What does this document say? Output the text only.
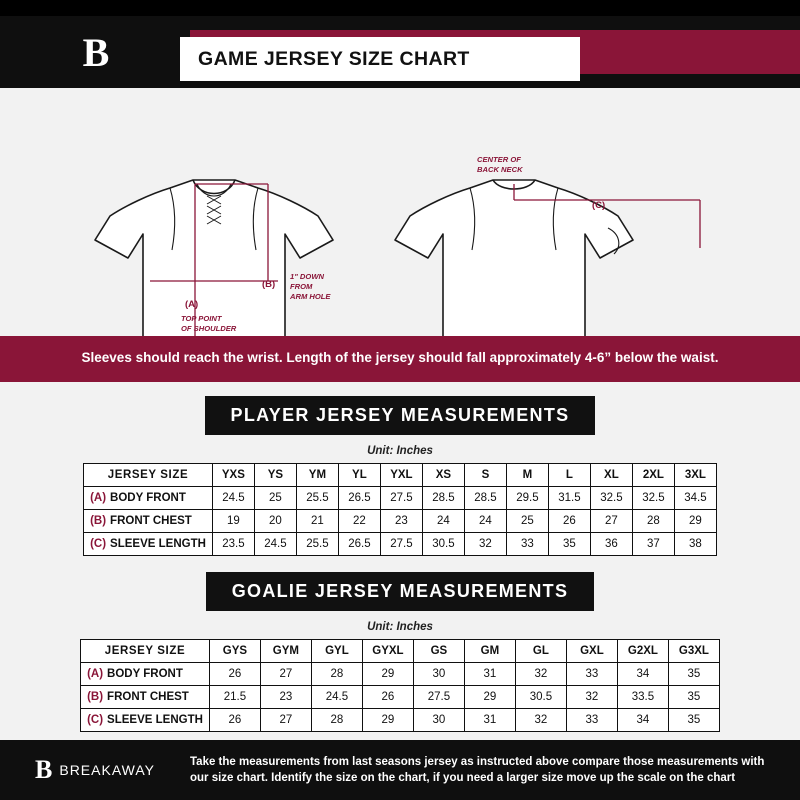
B	GAME JERSEY SIZE CHART
(A)
(B)
TOP POINT
OF SHOULDER
1" DOWN
FROM
ARM HOLE
(C)
CENTER OF
BACK NECK

Sleeves should reach the wrist. Length of the jersey should fall approximately 4-6” below the waist.

PLAYER JERSEY MEASUREMENTS
Unit: Inches
JERSEY SIZE	YXS	YS	YM	YL	YXL	XS	S	M	L	XL	2XL	3XL
(A) BODY FRONT	24.5	25	25.5	26.5	27.5	28.5	28.5	29.5	31.5	32.5	32.5	34.5
(B) FRONT CHEST	19	20	21	22	23	24	24	25	26	27	28	29
(C) SLEEVE LENGTH	23.5	24.5	25.5	26.5	27.5	30.5	32	33	35	36	37	38
GOALIE JERSEY MEASUREMENTS
Unit: Inches
JERSEY SIZE	GYS	GYM	GYL	GYXL	GS	GM	GL	GXL	G2XL	G3XL
(A) BODY FRONT	26	27	28	29	30	31	32	33	34	35
(B) FRONT CHEST	21.5	23	24.5	26	27.5	29	30.5	32	33.5	35
(C) SLEEVE LENGTH	26	27	28	29	30	31	32	33	34	35
B BREAKAWAY	Take the measurements from last seasons jersey as instructed above compare those measurements with our size chart. Identify the size on the chart, if you need a larger size move up the scale on the chart
